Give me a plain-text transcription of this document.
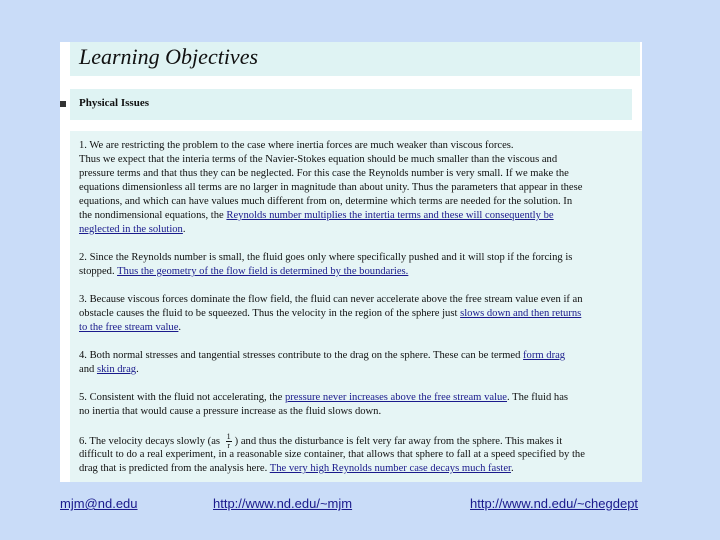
Learning Objectives
Physical Issues
1. We are restricting the problem to the case where inertia forces are much weaker than viscous forces.
Thus we expect that the interia terms of the Navier-Stokes equation should be much smaller than the viscous and
pressure terms and that thus they can be neglected. For this case the Reynolds number is very small. If we make the
equations dimensionless all terms are no larger in magnitude than about unity. Thus the parameters that appear in these
equations, and which can have values much different from on, determine which terms are needed for the solution. In
the nondimensional equations, the Reynolds number multiplies the intertia terms and these will consequently be
neglected in the solution.
2. Since the Reynolds number is small, the fluid goes only where specifically pushed and it will stop if the forcing is
stopped. Thus the geometry of the flow field is determined by the boundaries.
3. Because viscous forces dominate the flow field, the fluid can never accelerate above the free stream value even if an
obstacle causes the fluid to be squeezed. Thus the velocity in the region of the sphere just slows down and then returns
to the free stream value.
4. Both normal stresses and tangential stresses contribute to the drag on the sphere. These can be termed form drag
and skin drag.
5. Consistent with the fluid not accelerating, the pressure never increases above the free stream value. The fluid has
no inertia that would cause a pressure increase as the fluid slows down.
6. The velocity decays slowly ($as \frac{1}{r}$ ) and thus the disturbance is felt very far away from the sphere. This makes it
difficult to do a real experiment, in a reasonable size container, that allows that sphere to fall at a speed specified by the
drag that is predicted from the analysis here. The very high Reynolds number case decays much faster.
mjm@nd.edu	http://www.nd.edu/~mjm	http://www.nd.edu/~chegdept
